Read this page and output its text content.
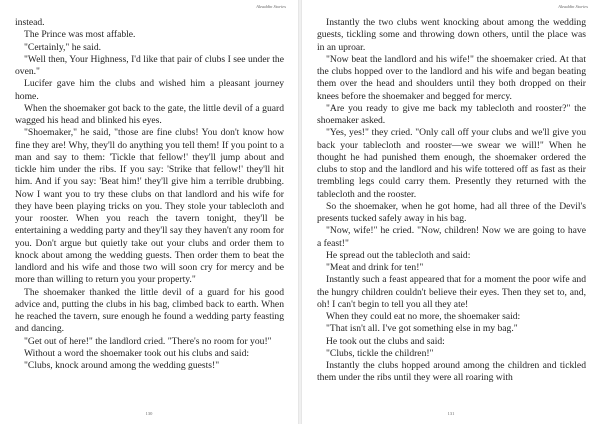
Aleaddin Stories

instead.

The Prince was most affable.

"Certainly," he said.

"Well then, Your Highness, I'd like that pair of clubs I see under the oven."

Lucifer gave him the clubs and wished him a pleasant journey home.

When the shoemaker got back to the gate, the little devil of a guard wagged his head and blinked his eyes.

"Shoemaker," he said, "those are fine clubs! You don't know how fine they are! Why, they'll do anything you tell them! If you point to a man and say to them: 'Tickle that fellow!' they'll jump about and tickle him under the ribs. If you say: 'Strike that fellow!' they'll hit him. And if you say: 'Beat him!' they'll give him a terrible drubbing. Now I want you to try these clubs on that landlord and his wife for they have been playing tricks on you. They stole your tablecloth and your rooster. When you reach the tavern tonight, they'll be entertaining a wedding party and they'll say they haven't any room for you. Don't argue but quietly take out your clubs and order them to knock about among the wedding guests. Then order them to beat the landlord and his wife and those two will soon cry for mercy and be more than willing to return you your property."

The shoemaker thanked the little devil of a guard for his good advice and, putting the clubs in his bag, climbed back to earth. When he reached the tavern, sure enough he found a wedding party feasting and dancing.

"Get out of here!" the landlord cried. "There's no room for you!"

Without a word the shoemaker took out his clubs and said:

"Clubs, knock around among the wedding guests!"

130
Aleaddin Stories

Instantly the two clubs went knocking about among the wedding guests, tickling some and throwing down others, until the place was in an uproar.

"Now beat the landlord and his wife!" the shoemaker cried. At that the clubs hopped over to the landlord and his wife and began beating them over the head and shoulders until they both dropped on their knees before the shoemaker and begged for mercy.

"Are you ready to give me back my tablecloth and rooster?" the shoemaker asked.

"Yes, yes!" they cried. "Only call off your clubs and we'll give you back your tablecloth and rooster—we swear we will!" When he thought he had punished them enough, the shoemaker ordered the clubs to stop and the landlord and his wife tottered off as fast as their trembling legs could carry them. Presently they returned with the tablecloth and the rooster.

So the shoemaker, when he got home, had all three of the Devil's presents tucked safely away in his bag.

"Now, wife!" he cried. "Now, children! Now we are going to have a feast!"

He spread out the tablecloth and said:

"Meat and drink for ten!"

Instantly such a feast appeared that for a moment the poor wife and the hungry children couldn't believe their eyes. Then they set to, and, oh! I can't begin to tell you all they ate!

When they could eat no more, the shoemaker said:

"That isn't all. I've got something else in my bag."

He took out the clubs and said:

"Clubs, tickle the children!"

Instantly the clubs hopped around among the children and tickled them under the ribs until they were all roaring with

131
